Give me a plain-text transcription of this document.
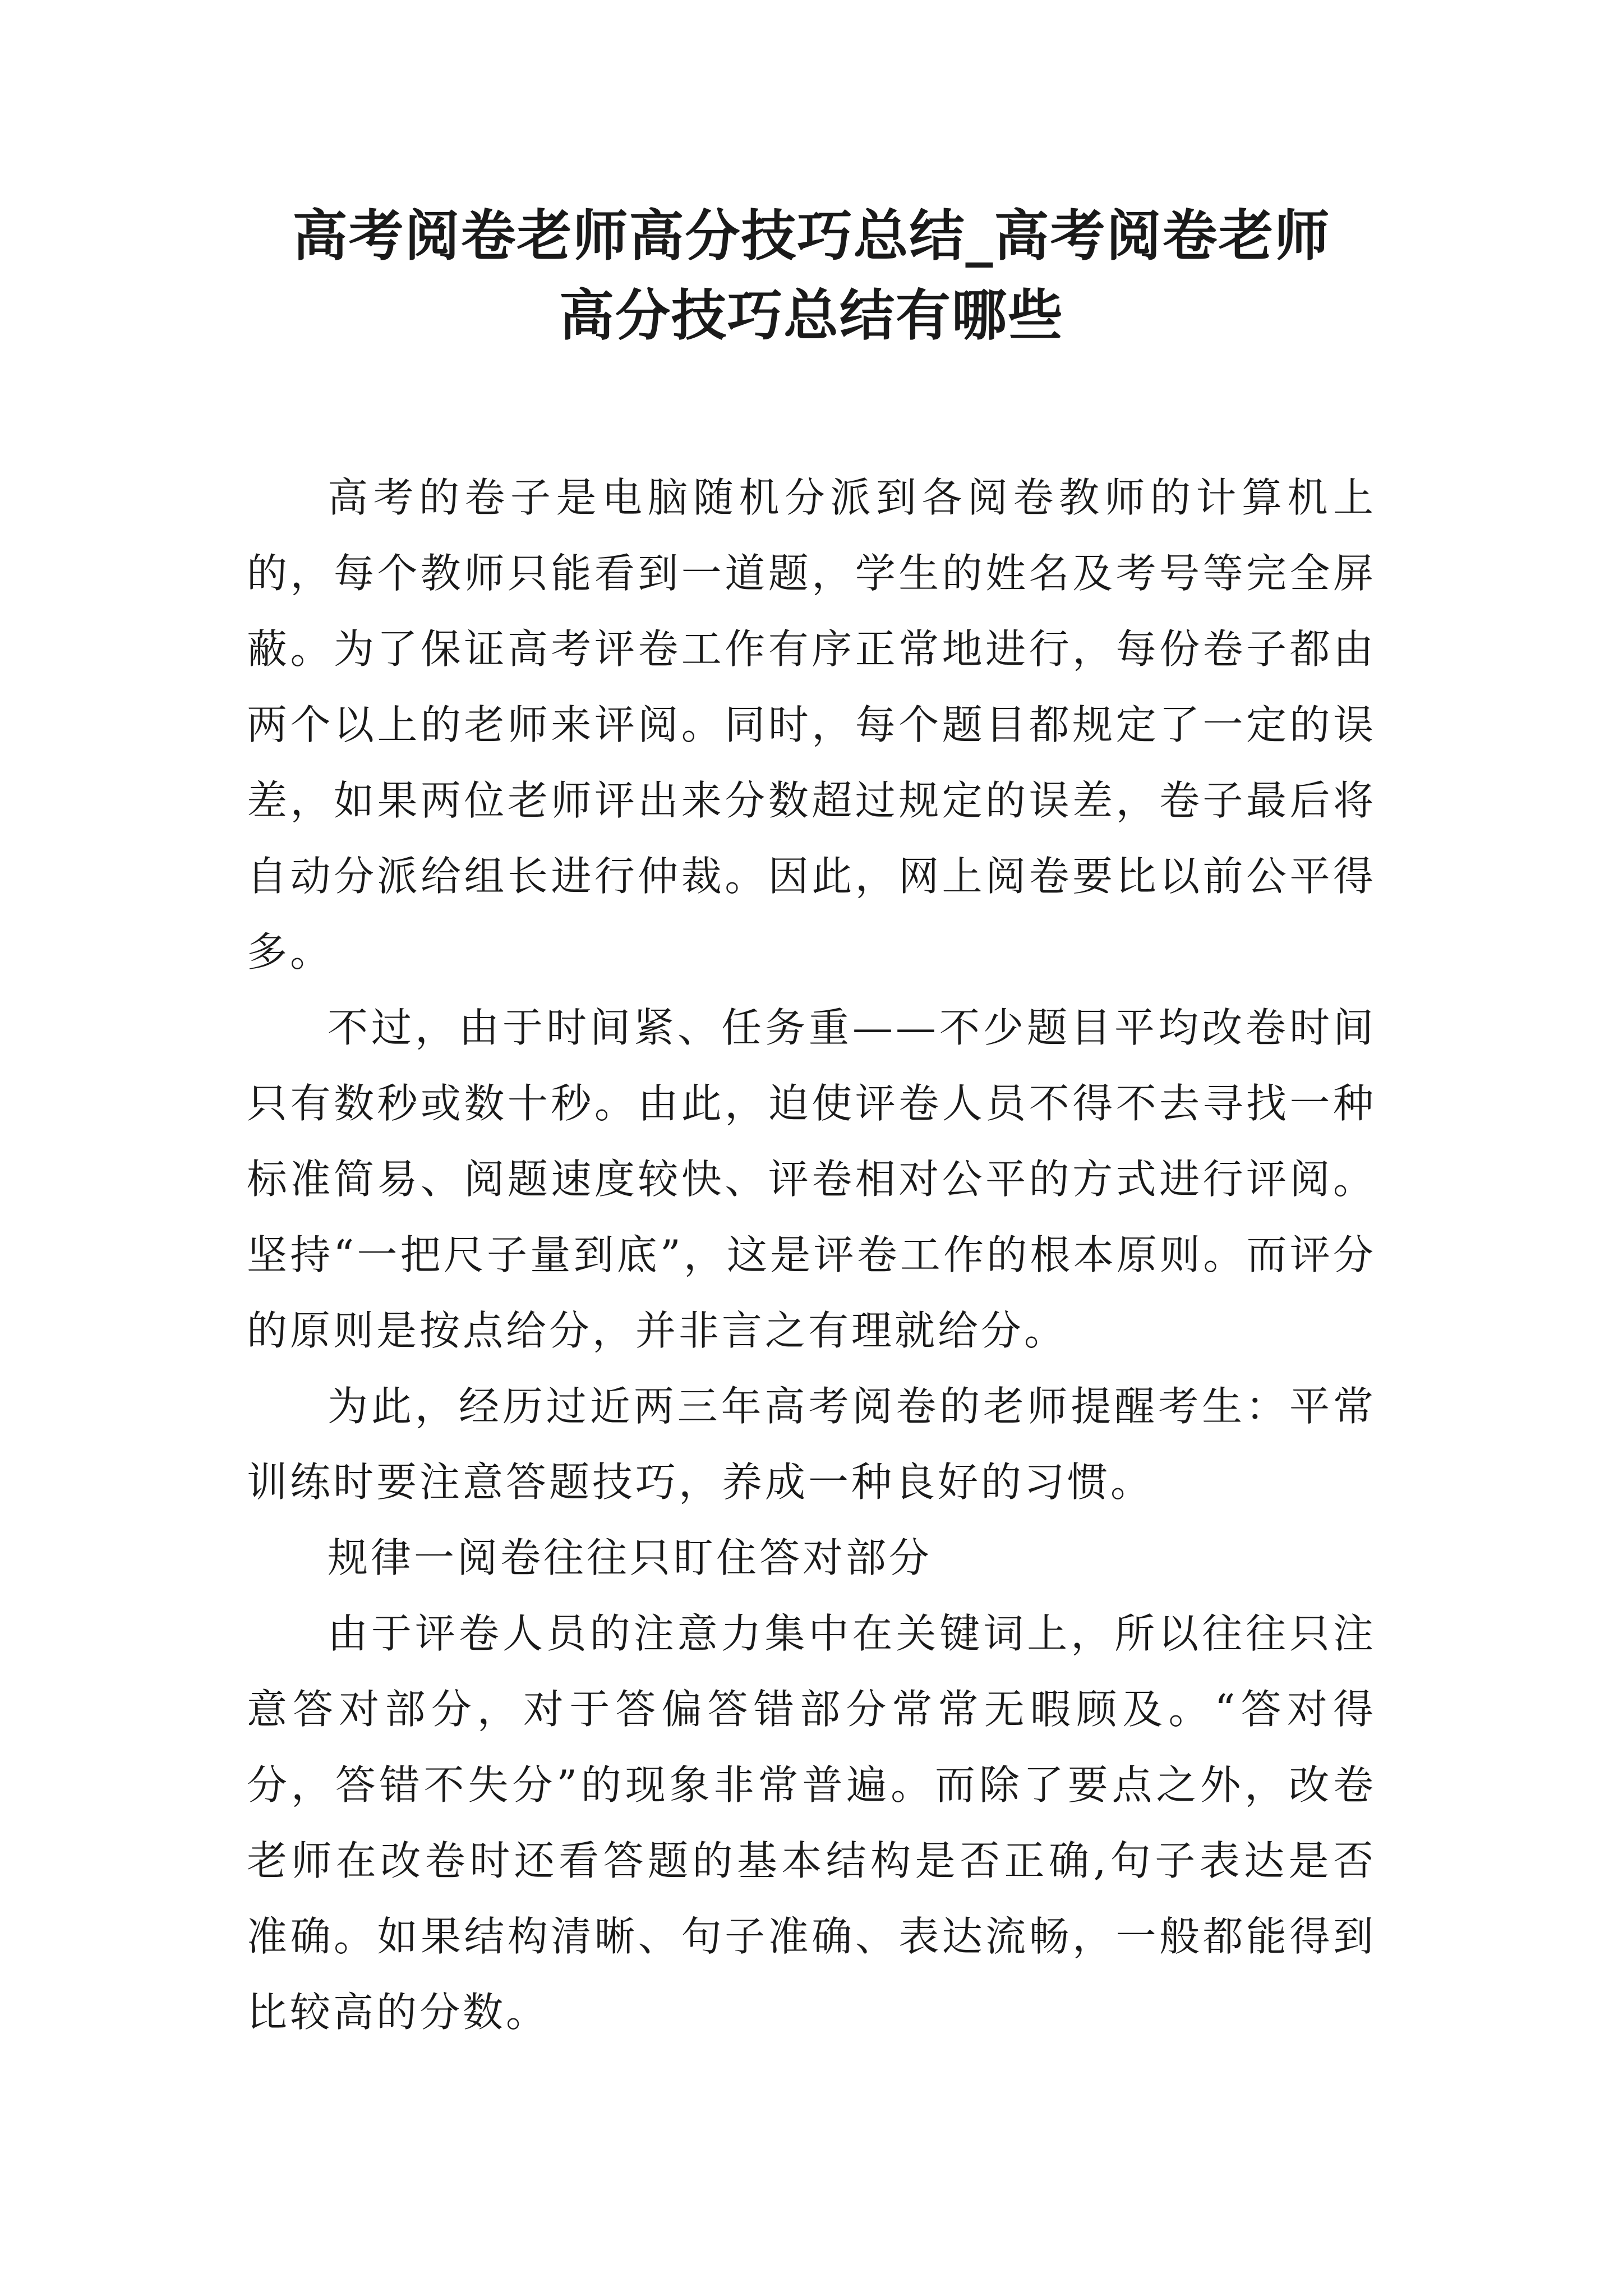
高考阅卷老师高分技巧总结_高考阅卷老师
高分技巧总结有哪些

高考的卷子是电脑随机分派到各阅卷教师的计算机上的，每个教师只能看到一道题，学生的姓名及考号等完全屏蔽。为了保证高考评卷工作有序正常地进行，每份卷子都由两个以上的老师来评阅。同时，每个题目都规定了一定的误差，如果两位老师评出来分数超过规定的误差，卷子最后将自动分派给组长进行仲裁。因此，网上阅卷要比以前公平得多。

不过，由于时间紧、任务重——不少题目平均改卷时间只有数秒或数十秒。由此，迫使评卷人员不得不去寻找一种标准简易、阅题速度较快、评卷相对公平的方式进行评阅。坚持“一把尺子量到底”，这是评卷工作的根本原则。而评分的原则是按点给分，并非言之有理就给分。

为此，经历过近两三年高考阅卷的老师提醒考生：平常训练时要注意答题技巧，养成一种良好的习惯。

规律一阅卷往往只盯住答对部分

由于评卷人员的注意力集中在关键词上，所以往往只注意答对部分，对于答偏答错部分常常无暇顾及。“答对得分，答错不失分”的现象非常普遍。而除了要点之外，改卷老师在改卷时还看答题的基本结构是否正确,句子表达是否准确。如果结构清晰、句子准确、表达流畅，一般都能得到比较高的分数。
